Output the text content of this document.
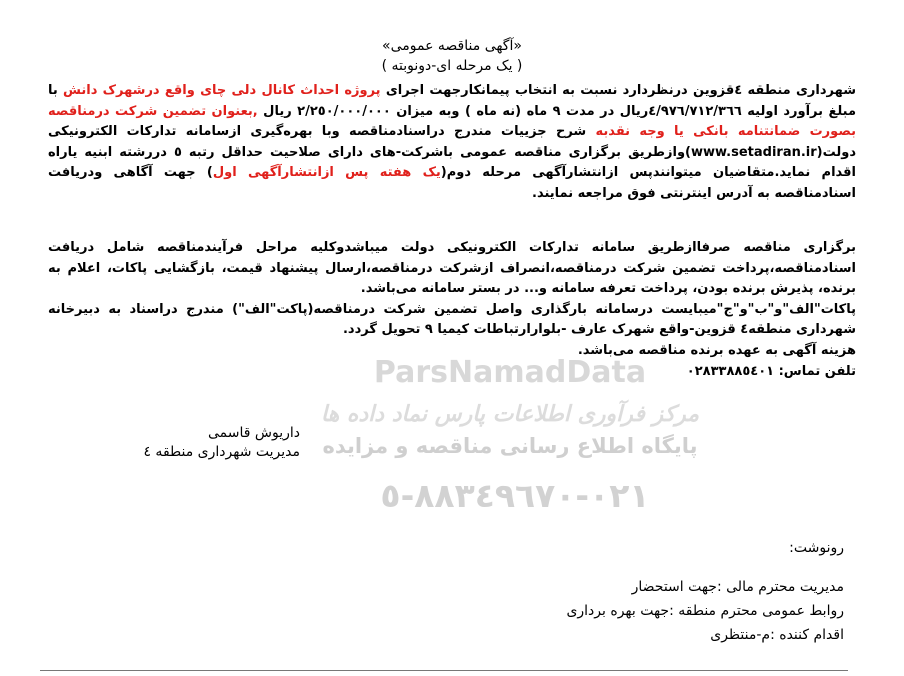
«آگهی مناقصه عمومی»
( یک مرحله ای-دونوبته )
شهرداری منطقه ٤قزوین درنظردارد نسبت به انتخاب پیمانکارجهت اجرای پروژه احداث کانال دلی چای واقع درشهرک دانش با مبلغ برآورد اولیه ٤/٩٧٦/٧١٢/٣٦٦ریال در مدت ٩ ماه (نه ماه ) وبه میزان ٢/٢٥٠/٠٠٠/٠٠٠ ریال ,بعنوان تضمین شرکت درمناقصه بصورت ضمانتنامه بانکی یا وجه نقدبه شرح جزییات مندرج دراسنادمناقصه وبا بهره‌گیری ازسامانه تدارکات الکترونیکی دولت(www.setadiran.ir)وازطریق برگزاری مناقصه عمومی باشرکت-های دارای صلاحیت حداقل رتبه ٥ دررشته ابنیه یاراه اقدام نماید.متقاضیان میتوانندپس ازانتشارآگهی مرحله دوم(یک هفته پس ازانتشارآگهی اول) جهت آگاهی ودریافت اسنادمناقصه به آدرس اینترنتی فوق مراجعه نمایند.
برگزاری مناقصه صرفاازطریق سامانه تدارکات الکترونیکی دولت میباشدوکلیه مراحل فرآیندمناقصه شامل دریافت اسنادمناقصه،پرداخت تضمین شرکت درمناقصه،انصراف ازشرکت درمناقصه،ارسال پیشنهاد قیمت، بازگشایی پاکات، اعلام به برنده، پذیرش برنده بودن، پرداخت تعرفه سامانه و... در بستر سامانه می‌باشد.
پاکات"الف"و"ب"و"ج"میبایست درسامانه بارگذاری واصل تضمین شرکت درمناقصه(پاکت"الف") مندرج دراسناد به دبیرخانه شهرداری منطقه٤ قزوین-واقع شهرک عارف -بلوارارتباطات کیمیا ٩ تحویل گردد.
هزینه آگهی به عهده برنده مناقصه می‌باشد.
تلفن تماس: ٠٢٨٣٣٨٨٥٤٠١
ParsNamadData
مرکز فرآوری اطلاعات پارس نماد داده ها
پایگاه اطلاع رسانی مناقصه و مزایده
٠٢١-٨٨٣٤٩٦٧٠-٥
داریوش قاسمی
مدیریت شهرداری منطقه ٤
رونوشت:
مدیریت محترم مالی :جهت استحضار
روابط عمومی محترم منطقه :جهت بهره برداری
اقدام کننده :م-منتظری
